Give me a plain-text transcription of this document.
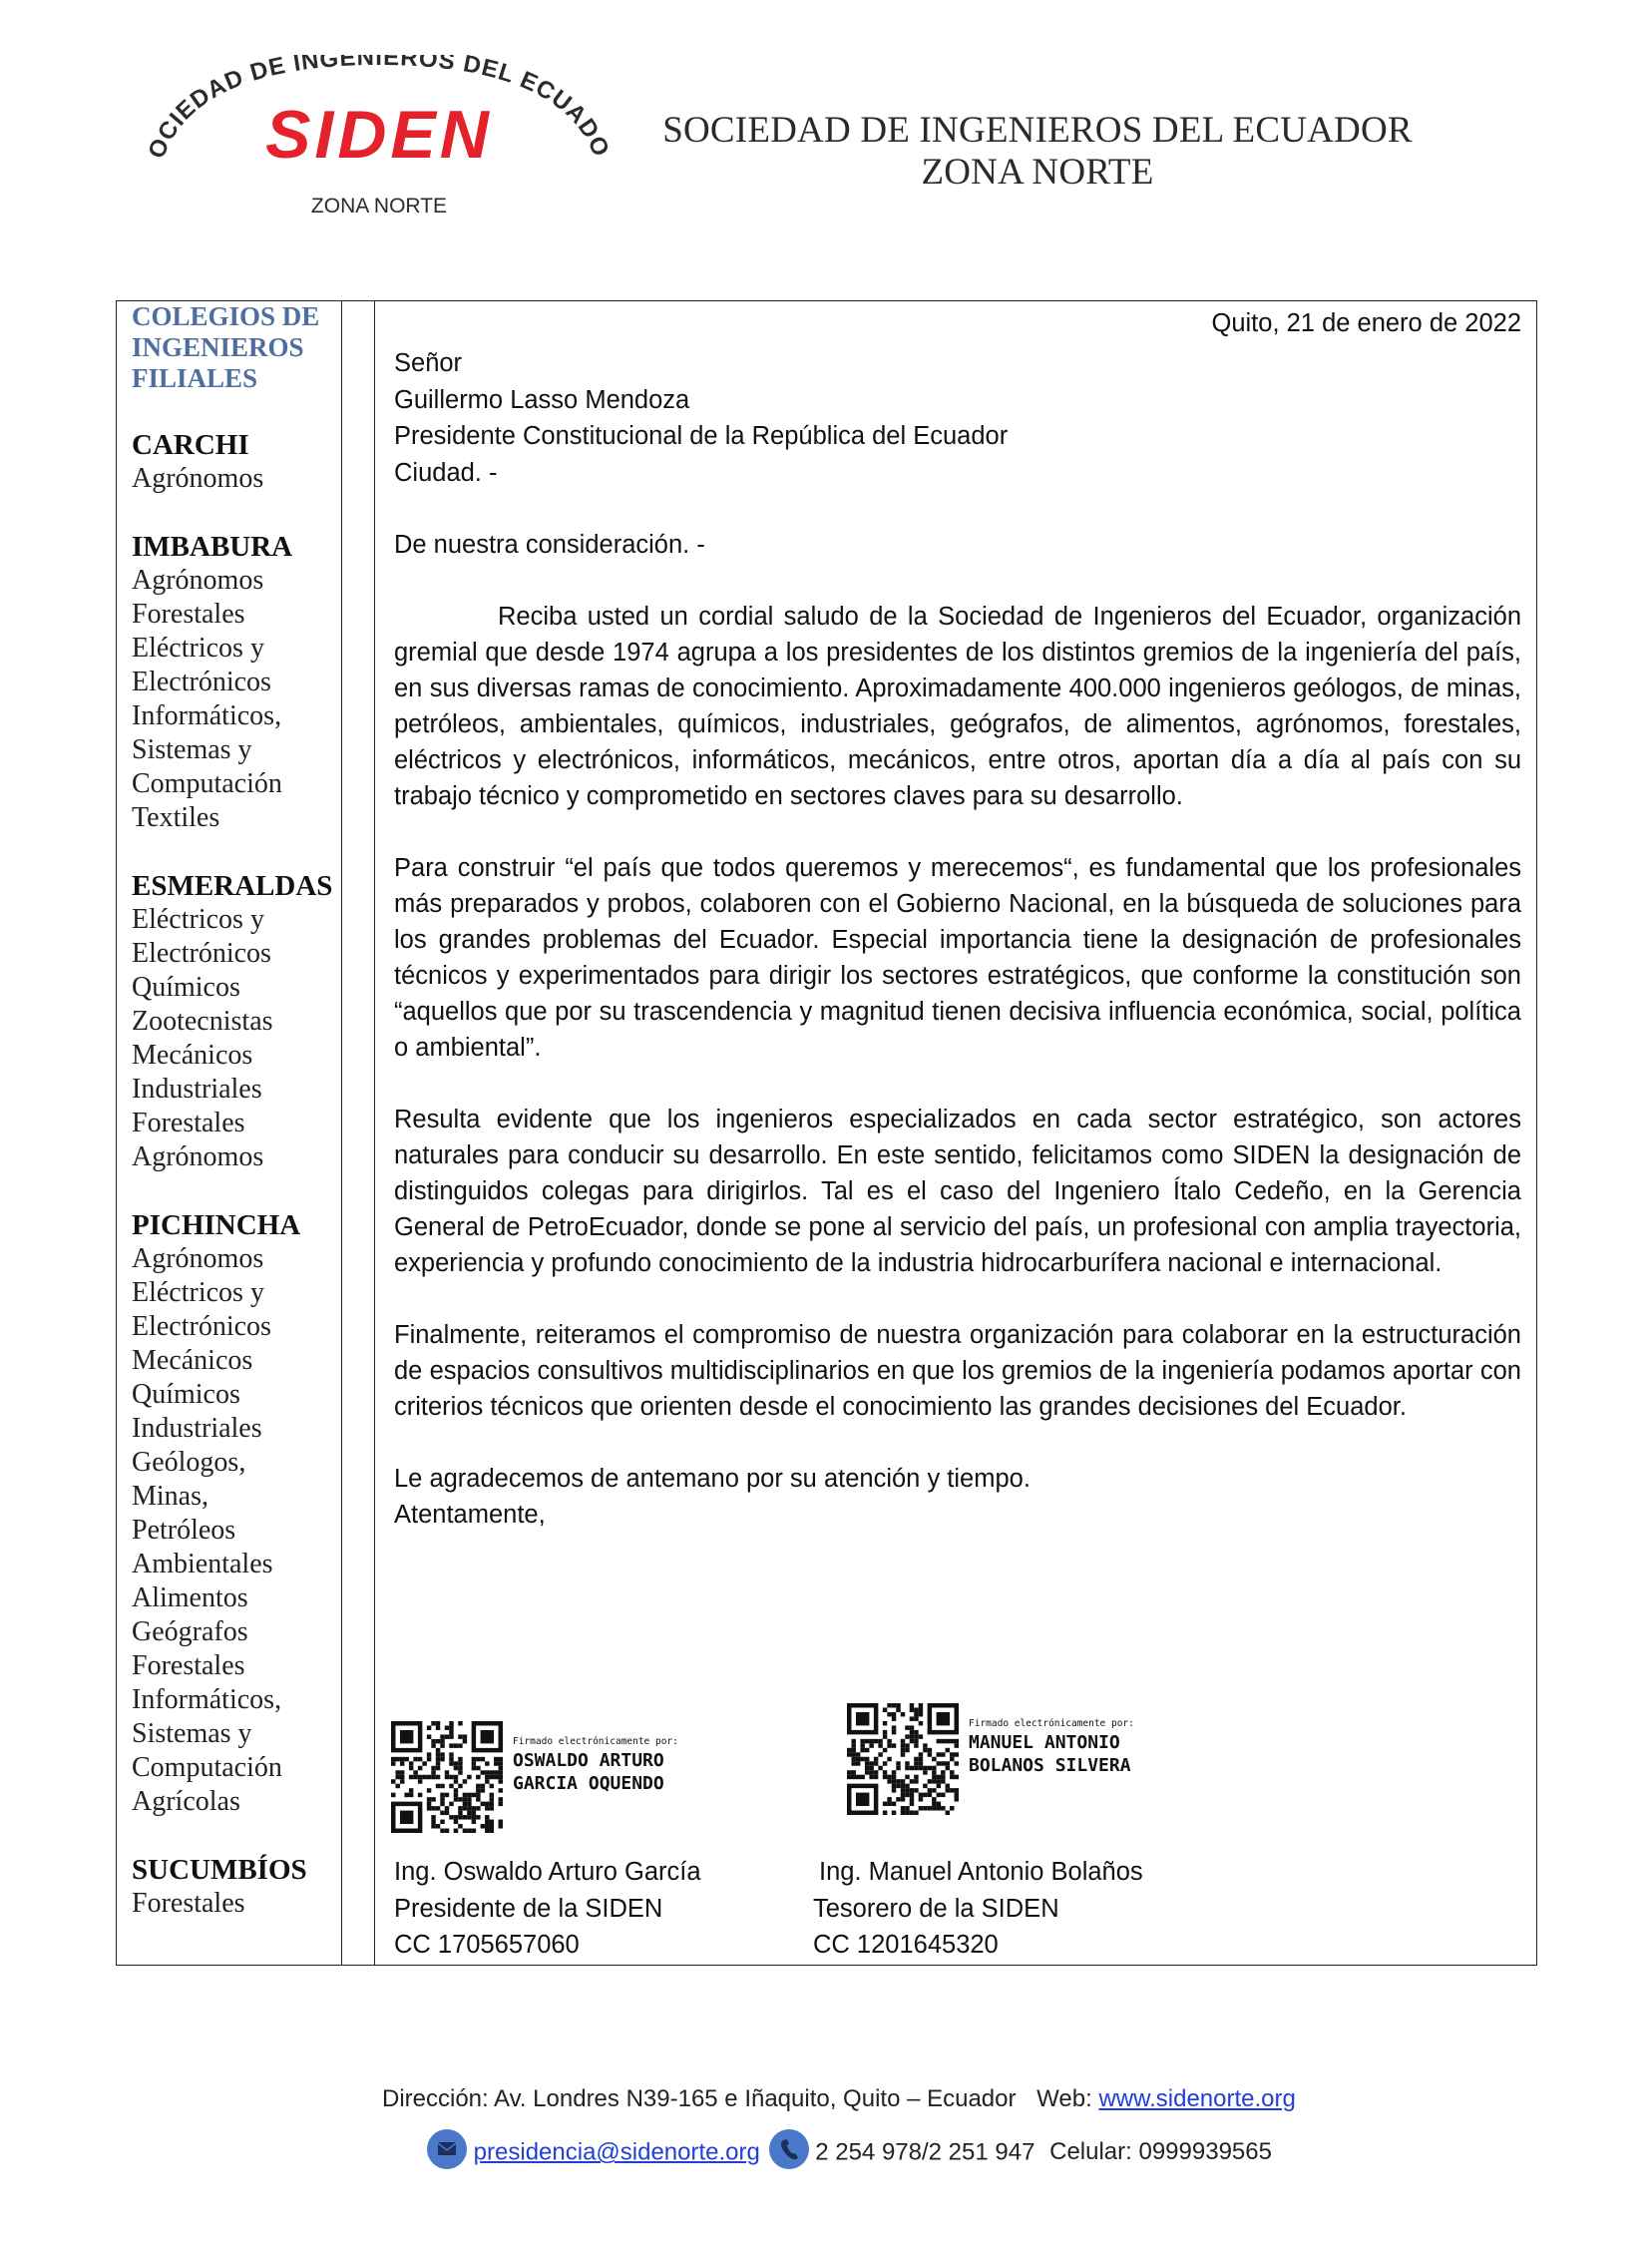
OCIEDAD DE INGENIEROS DEL ECUADO
SIDEN
ZONA NORTE
SOCIEDAD DE INGENIEROS DEL ECUADOR
ZONA NORTE
COLEGIOS DE
INGENIEROS
FILIALES
CARCHI
Agrónomos
IMBABURA
Agrónomos
Forestales
Eléctricos y
Electrónicos
Informáticos,
Sistemas y
Computación
Textiles
ESMERALDAS
Eléctricos y
Electrónicos
Químicos
Zootecnistas
Mecánicos
Industriales
Forestales
Agrónomos
PICHINCHA
Agrónomos
Eléctricos y
Electrónicos
Mecánicos
Químicos
Industriales
Geólogos,
Minas,
Petróleos
Ambientales
Alimentos
Geógrafos
Forestales
Informáticos,
Sistemas y
Computación
Agrícolas
SUCUMBÍOS
Forestales
Quito, 21 de enero de 2022
Señor
Guillermo Lasso Mendoza
Presidente Constitucional de la República del Ecuador
Ciudad. -
De nuestra consideración. -
Reciba usted un cordial saludo de la Sociedad de Ingenieros del Ecuador, organización gremial que desde 1974 agrupa a los presidentes de los distintos gremios de la ingeniería del país, en sus diversas ramas de conocimiento. Aproximadamente 400.000 ingenieros geólogos, de minas, petróleos, ambientales, químicos, industriales, geógrafos, de alimentos, agrónomos, forestales, eléctricos y electrónicos, informáticos, mecánicos, entre otros, aportan día a día al país con su trabajo técnico y comprometido en sectores claves para su desarrollo.
Para construir “el país que todos queremos y merecemos“, es fundamental que los profesionales más preparados y probos, colaboren con el Gobierno Nacional, en la búsqueda de soluciones para los grandes problemas del Ecuador. Especial importancia tiene la designación de profesionales técnicos y experimentados para dirigir los sectores estratégicos, que conforme la constitución son “aquellos que por su trascendencia y magnitud tienen decisiva influencia económica, social, política o ambiental”.
Resulta evidente que los ingenieros especializados en cada sector estratégico, son actores naturales para conducir su desarrollo. En este sentido, felicitamos como SIDEN la designación de distinguidos colegas para dirigirlos. Tal es el caso del Ingeniero Ítalo Cedeño, en la Gerencia General de PetroEcuador, donde se pone al servicio del país, un profesional con amplia trayectoria, experiencia y profundo conocimiento de la industria hidrocarburífera nacional e internacional.
Finalmente, reiteramos el compromiso de nuestra organización para colaborar en la estructuración de espacios consultivos multidisciplinarios en que los gremios de la ingeniería podamos aportar con criterios técnicos que orienten desde el conocimiento las grandes decisiones del Ecuador.
Le agradecemos de antemano por su atención y tiempo.
Atentamente,
Firmado electrónicamente por:
OSWALDO ARTURO
GARCIA OQUENDO
Firmado electrónicamente por:
MANUEL ANTONIO
BOLANOS SILVERA
Ing. Oswaldo Arturo García
Presidente de la SIDEN
CC 1705657060
Ing. Manuel Antonio Bolaños
Tesorero de la SIDEN
CC 1201645320
Dirección: Av. Londres N39-165 e Iñaquito, Quito – Ecuador Web: www.sidenorte.org
presidencia@sidenorte.org 2 254 978/2 251 947 Celular: 0999939565
